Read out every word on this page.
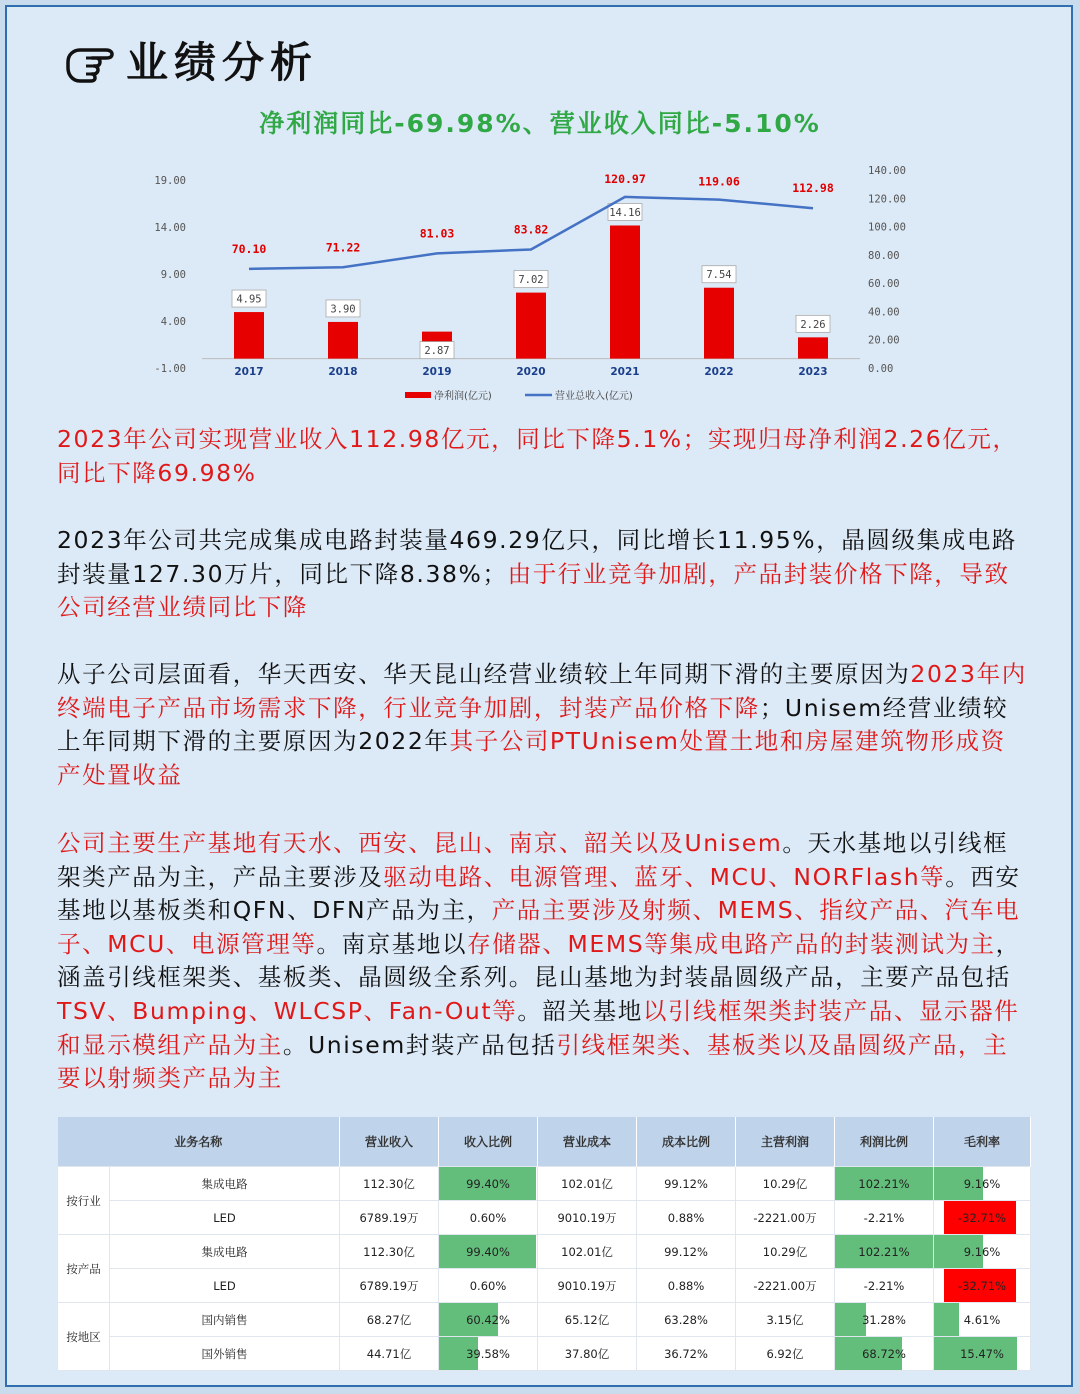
业绩分析
净利润同比-69.98%、营业收入同比-5.10%
-1.00
4.00
9.00
14.00
19.00
0.00
20.00
40.00
60.00
80.00
100.00
120.00
140.00
4.95
3.90
2.87
7.02
14.16
7.54
2.26
70.10	71.22
81.03	83.82
120.97	119.06	112.98
2017	2018	2019	2020	2021	2022	2023
净利润(亿元)	营业总收入(亿元)
2023年公司实现营业收入112.98亿元，同比下降5.1%；实现归母净利润2.26亿元，同比下降69.98%
2023年公司共完成集成电路封装量469.29亿只，同比增长11.95%，晶圆级集成电路封装量127.30万片，同比下降8.38%；由于行业竞争加剧，产品封装价格下降，导致公司经营业绩同比下降
从子公司层面看，华天西安、华天昆山经营业绩较上年同期下滑的主要原因为2023年内终端电子产品市场需求下降，行业竞争加剧，封装产品价格下降；Unisem经营业绩较上年同期下滑的主要原因为2022年其子公司PTUnisem处置土地和房屋建筑物形成资产处置收益
公司主要生产基地有天水、西安、昆山、南京、韶关以及Unisem。天水基地以引线框架类产品为主，产品主要涉及驱动电路、电源管理、蓝牙、MCU、NORFlash等。西安基地以基板类和QFN、DFN产品为主，产品主要涉及射频、MEMS、指纹产品、汽车电子、MCU、电源管理等。南京基地以存储器、MEMS等集成电路产品的封装测试为主，涵盖引线框架类、基板类、晶圆级全系列。昆山基地为封装晶圆级产品，主要产品包括TSV、Bumping、WLCSP、Fan-Out等。韶关基地以引线框架类封装产品、显示器件和显示模组产品为主。Unisem封装产品包括引线框架类、基板类以及晶圆级产品，主要以射频类产品为主
业务名称		营业收入	收入比例	营业成本	成本比例	主营利润	利润比例	毛利率
按行业	集成电路	112.30亿	99.40%	102.01亿	99.12%	10.29亿	102.21%	9.16%
	LED	6789.19万	0.60%	9010.19万	0.88%	-2221.00万	-2.21%	-32.71%
按产品	集成电路	112.30亿	99.40%	102.01亿	99.12%	10.29亿	102.21%	9.16%
	LED	6789.19万	0.60%	9010.19万	0.88%	-2221.00万	-2.21%	-32.71%
按地区	国内销售	68.27亿	60.42%	65.12亿	63.28%	3.15亿	31.28%	4.61%
	国外销售	44.71亿	39.58%	37.80亿	36.72%	6.92亿	68.72%	15.47%
